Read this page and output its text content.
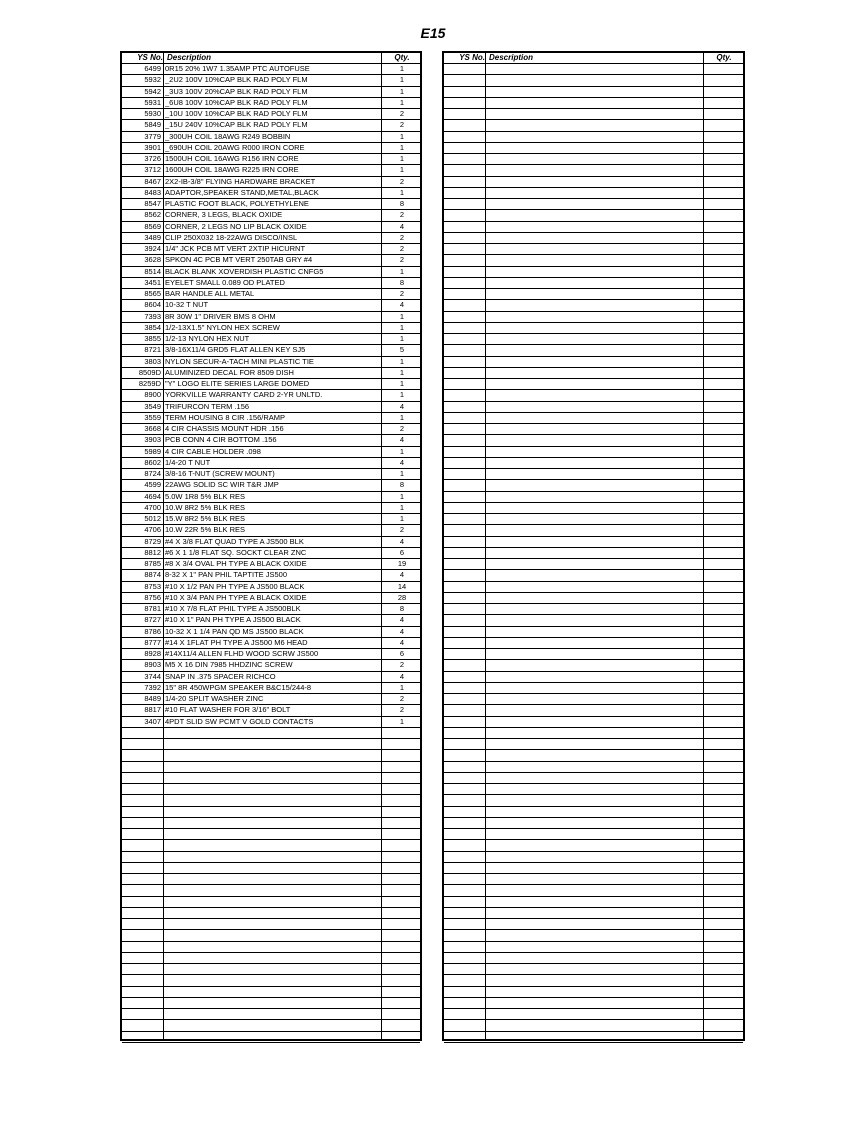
E15
YS No. Description	Qty.
6499 0R15 20% 1W7 1.35AMP PTC AUTOFUSE	1
5932 _2U2 100V 10%CAP BLK RAD POLY FLM	1
5942 _3U3 100V 20%CAP BLK RAD POLY FLM	1
5931 _6U8 100V 10%CAP BLK RAD POLY FLM	1
5930 _10U 100V 10%CAP BLK RAD POLY FLM	2
5849 _15U 240V 10%CAP BLK RAD POLY FLM	2
3779 _300UH COIL 18AWG R249 BOBBIN	1
3901 _690UH COIL 20AWG R000 IRON CORE	1
3726 1500UH COIL 16AWG R156 IRN CORE	1
3712 1600UH COIL 18AWG R225 IRN CORE	1
8467 2X2-IB-3/8" FLYING HARDWARE BRACKET	2
8483 ADAPTOR,SPEAKER STAND,METAL,BLACK	1
8547 PLASTIC FOOT BLACK, POLYETHYLENE	8
8562 CORNER, 3 LEGS, BLACK OXIDE	2
8569 CORNER, 2 LEGS NO LIP BLACK OXIDE	4
3489 CLIP 250X032 18-22AWG DISCO/INSL	2
3924 1/4" JCK PCB MT VERT 2XTIP HICURNT	2
3628 SPKON 4C PCB MT VERT 250TAB GRY #4	2
8514 BLACK BLANK XOVERDISH PLASTIC CNFG5	1
3451 EYELET SMALL 0.089 OD PLATED	8
8565 BAR HANDLE ALL METAL	2
8604 10-32 T NUT	4
7393 8R 30W 1" DRIVER BMS 8 OHM	1
3854 1/2-13X1.5" NYLON HEX SCREW	1
3855 1/2-13 NYLON HEX NUT	1
8721 3/8-16X11/4 GRD5 FLAT ALLEN KEY SJ5	5
3803 NYLON SECUR-A-TACH MINI PLASTIC TIE	1
8509D ALUMINIZED DECAL FOR 8509 DISH	1
8259D "Y" LOGO ELITE SERIES LARGE DOMED	1
8900 YORKVILLE WARRANTY CARD 2-YR UNLTD.	1
3549 TRIFURCON TERM .156	4
3559 TERM HOUSING 8 CIR .156/RAMP	1
3668 4 CIR CHASSIS MOUNT HDR .156	2
3903 PCB CONN 4 CIR BOTTOM .156	4
5989 4 CIR CABLE HOLDER .098	1
8602 1/4-20 T NUT	4
8724 3/8-16 T-NUT (SCREW MOUNT)	1
4599 22AWG SOLID SC WIR T&R JMP	8
4694 5.0W 1R8 5% BLK RES	1
4700 10.W 8R2 5% BLK RES	1
5012 15.W 8R2 5% BLK RES	1
4706 10.W 22R 5% BLK RES	2
8729 #4 X 3/8 FLAT QUAD TYPE A JS500 BLK	4
8812 #6 X 1 1/8 FLAT SQ. SOCKT CLEAR ZNC	6
8785 #8 X 3/4 OVAL PH TYPE A BLACK OXIDE	19
8874 8-32 X 1" PAN PHIL TAPTITE JS500	4
8753 #10 X 1/2 PAN PH TYPE A JS500 BLACK	14
8756 #10 X 3/4 PAN PH TYPE A BLACK OXIDE	28
8781 #10 X 7/8 FLAT PHIL TYPE A JS500BLK	8
8727 #10 X 1" PAN PH TYPE A JS500 BLACK	4
8786 10-32 X 1 1/4 PAN QD MS JS500 BLACK	4
8777 #14 X 1FLAT PH TYPE A JS500 M6 HEAD	4
8928 #14X11/4 ALLEN FLHD WOOD SCRW JS500	6
8903 M5 X 16 DIN 7985 HHDZINC SCREW	2
3744 SNAP IN .375 SPACER RICHCO	4
7392 15" 8R 450WPGM SPEAKER B&C15/244-8	1
8489 1/4-20 SPLIT WASHER ZINC	2
8817 #10 FLAT WASHER FOR 3/16" BOLT	2
3407 4PDT SLID SW PCMT V GOLD CONTACTS	1
YS No. Description	Qty.
